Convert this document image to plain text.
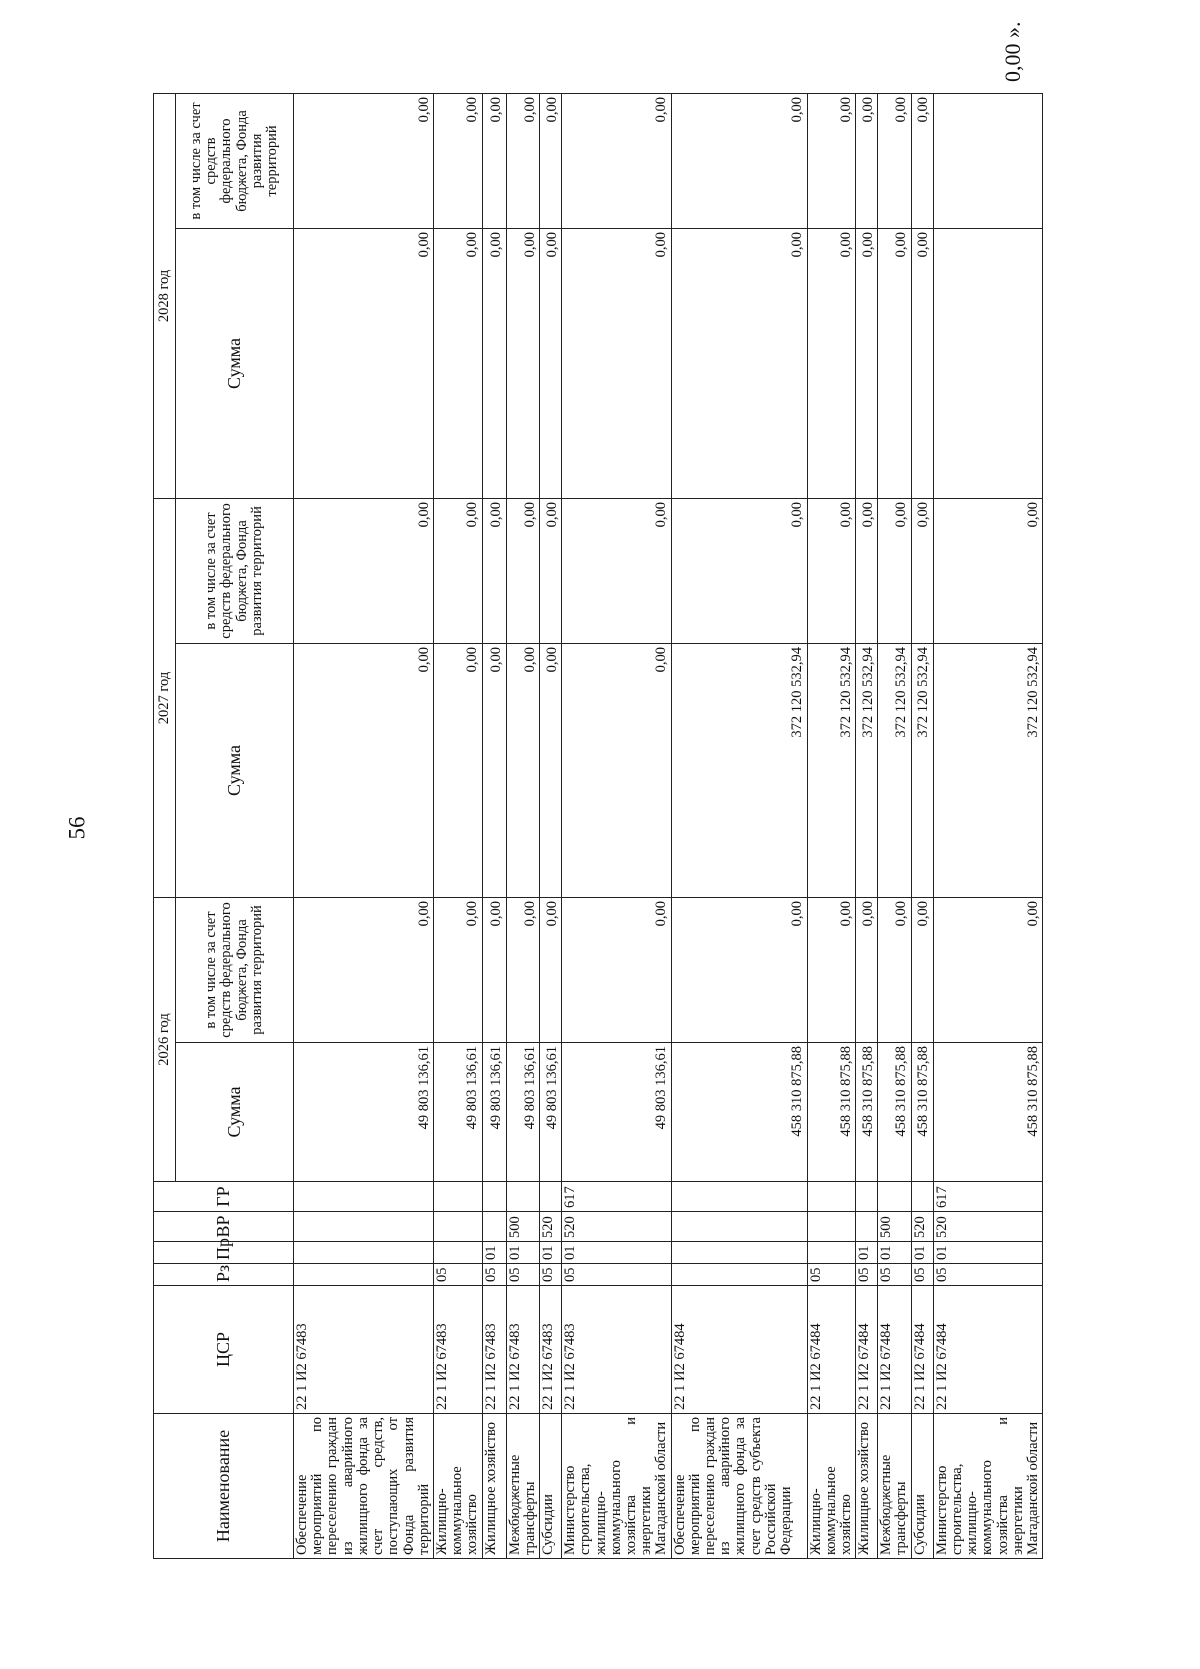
56
0,00 ».
Наименование	ЦСР	Рз	Пр	ВР	ГР	2026 год		2027 год		2028 год	
						Сумма	в том числе за счет средств федерального бюджета, Фонда развития территорий	Сумма	в том числе за счет средств федерального бюджета, Фонда развития территорий	Сумма	в том числе за счет средств федерального бюджета, Фонда развития территорий
Обеспечение мероприятий по переселению граждан из аварийного жилищного фонда за счет средств, поступающих от Фонда развития территорий	22 1 И2 67483					49 803 136,61	0,00	0,00	0,00	0,00	0,00
Жилищно-коммунальное хозяйство	22 1 И2 67483	05				49 803 136,61	0,00	0,00	0,00	0,00	0,00
Жилищное хозяйство	22 1 И2 67483	05	01			49 803 136,61	0,00	0,00	0,00	0,00	0,00
Межбюджетные трансферты	22 1 И2 67483	05	01	500		49 803 136,61	0,00	0,00	0,00	0,00	0,00
Субсидии	22 1 И2 67483	05	01	520		49 803 136,61	0,00	0,00	0,00	0,00	0,00
Министерство строительства, жилищно-коммунального хозяйства и энергетики Магаданской области	22 1 И2 67483	05	01	520	617	49 803 136,61	0,00	0,00	0,00	0,00	0,00
Обеспечение мероприятий по переселению граждан из аварийного жилищного фонда за счет средств субъекта Российской Федерации	22 1 И2 67484					458 310 875,88	0,00	372 120 532,94	0,00	0,00	0,00
Жилищно-коммунальное хозяйство	22 1 И2 67484	05				458 310 875,88	0,00	372 120 532,94	0,00	0,00	0,00
Жилищное хозяйство	22 1 И2 67484	05	01			458 310 875,88	0,00	372 120 532,94	0,00	0,00	0,00
Межбюджетные трансферты	22 1 И2 67484	05	01	500		458 310 875,88	0,00	372 120 532,94	0,00	0,00	0,00
Субсидии	22 1 И2 67484	05	01	520		458 310 875,88	0,00	372 120 532,94	0,00	0,00	0,00
Министерство строительства, жилищно-коммунального хозяйства и энергетики Магаданской области	22 1 И2 67484	05	01	520	617	458 310 875,88	0,00	372 120 532,94	0,00		
